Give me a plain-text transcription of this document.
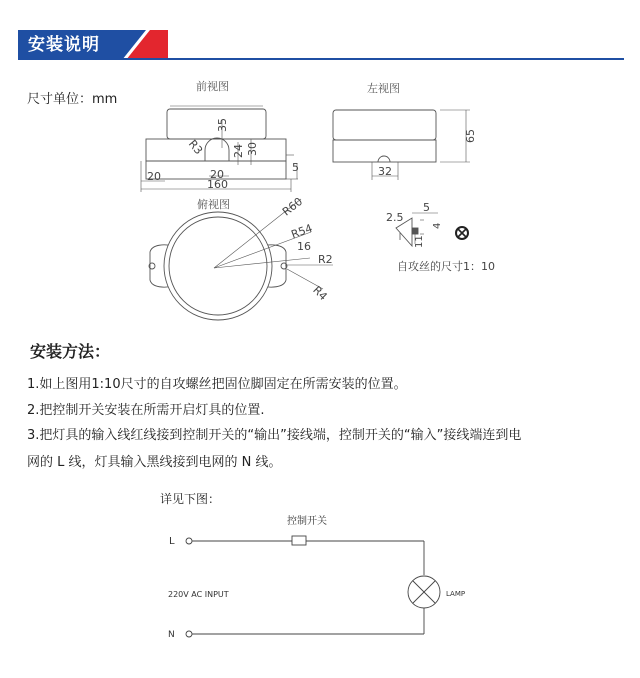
安装说明
尺寸单位：mm
前视图
R3
35
24 30
20	20
160
5
左视图
65
32
俯视图	R60
R54
16
R2
R4
2.5
5
4
11
自攻丝的尺寸1：10
安装方法：
1.如上图用1:10尺寸的自攻螺丝把固位脚固定在所需安装的位置。
2.把控制开关安装在所需开启灯具的位置.
3.把灯具的输入线红线接到控制开关的“输出”接线端，控制开关的“输入”接线端连到电
网的 L 线，灯具输入黑线接到电网的 N 线。
详见下图：
控制开关
L
LAMP
N
220V AC INPUT
